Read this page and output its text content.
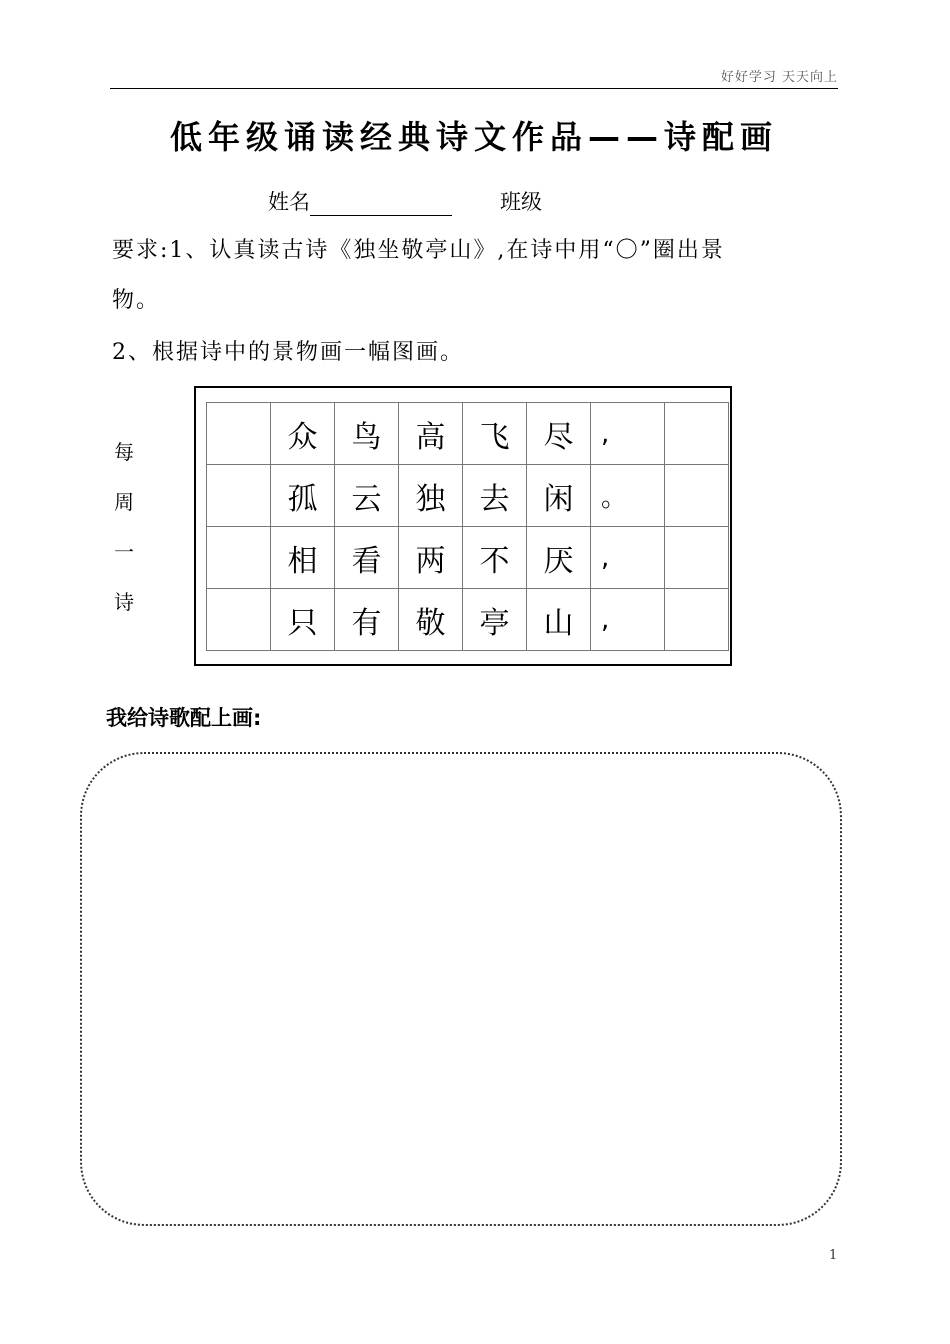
好好学习 天天向上
低年级诵读经典诗文作品——诗配画
姓名	班级
要求:1、认真读古诗《独坐敬亭山》,在诗中用“〇”圈出景
物。
2、根据诗中的景物画一幅图画。
每
周
一
诗
	众	鸟	高	飞	尽	,	
	孤	云	独	去	闲	。	
	相	看	两	不	厌	,	
	只	有	敬	亭	山	,	
我给诗歌配上画:
1
